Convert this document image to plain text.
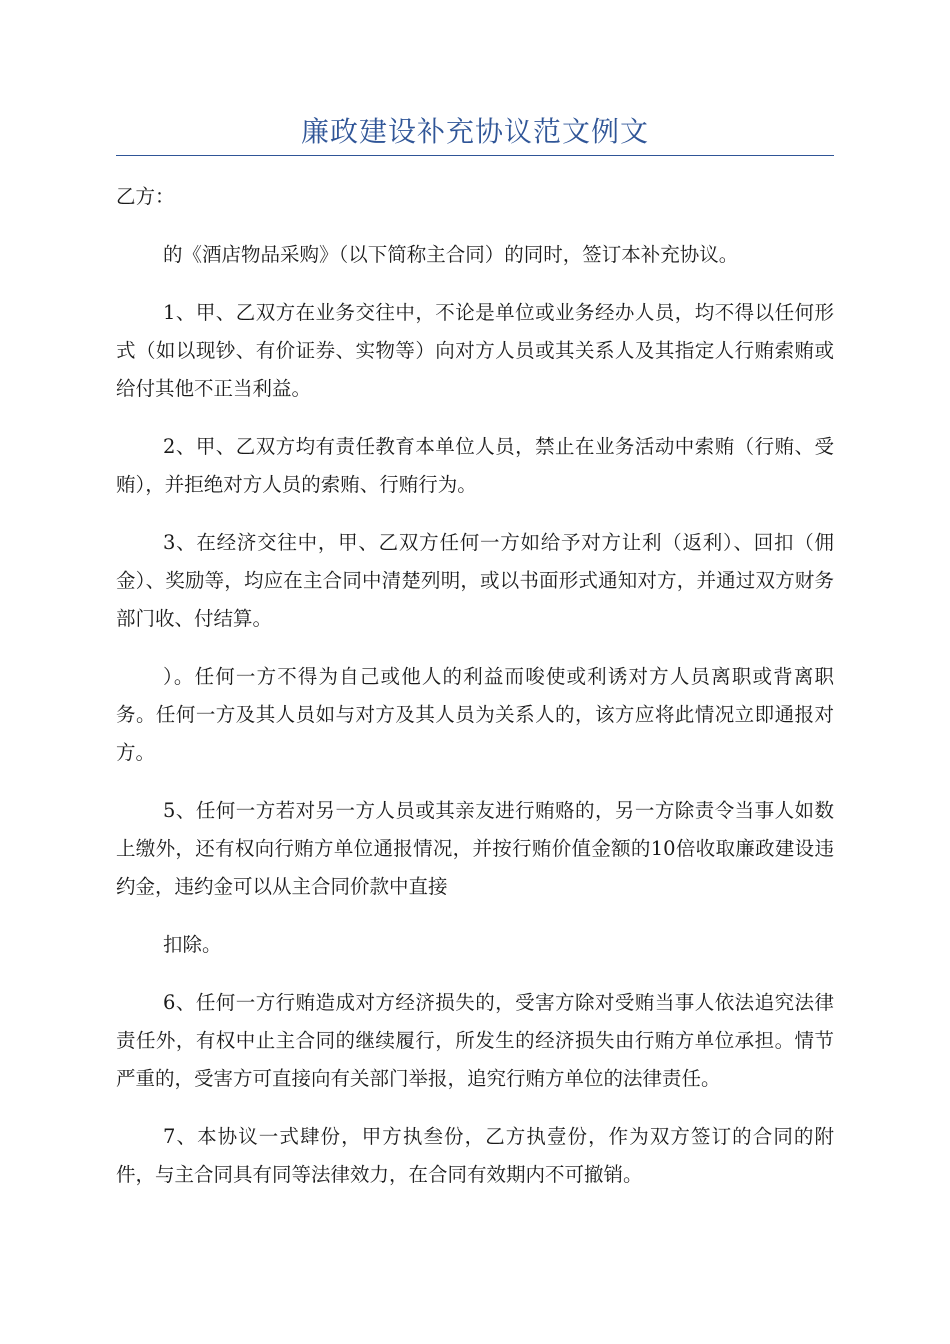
廉政建设补充协议范文例文

乙方：

的《酒店物品采购》（以下简称主合同）的同时，签订本补充协议。

1、甲、乙双方在业务交往中，不论是单位或业务经办人员，均不得以任何形式（如以现钞、有价证券、实物等）向对方人员或其关系人及其指定人行贿索贿或给付其他不正当利益。

2、甲、乙双方均有责任教育本单位人员，禁止在业务活动中索贿（行贿、受贿），并拒绝对方人员的索贿、行贿行为。

3、在经济交往中，甲、乙双方任何一方如给予对方让利（返利）、回扣（佣金）、奖励等，均应在主合同中清楚列明，或以书面形式通知对方，并通过双方财务部门收、付结算。

）。任何一方不得为自己或他人的利益而唆使或利诱对方人员离职或背离职务。任何一方及其人员如与对方及其人员为关系人的，该方应将此情况立即通报对方。

5、任何一方若对另一方人员或其亲友进行贿赂的，另一方除责令当事人如数上缴外，还有权向行贿方单位通报情况，并按行贿价值金额的10倍收取廉政建设违约金，违约金可以从主合同价款中直接

扣除。

6、任何一方行贿造成对方经济损失的，受害方除对受贿当事人依法追究法律责任外，有权中止主合同的继续履行，所发生的经济损失由行贿方单位承担。情节严重的，受害方可直接向有关部门举报，追究行贿方单位的法律责任。

7、本协议一式肆份，甲方执叁份，乙方执壹份，作为双方签订的合同的附件，与主合同具有同等法律效力，在合同有效期内不可撤销。
